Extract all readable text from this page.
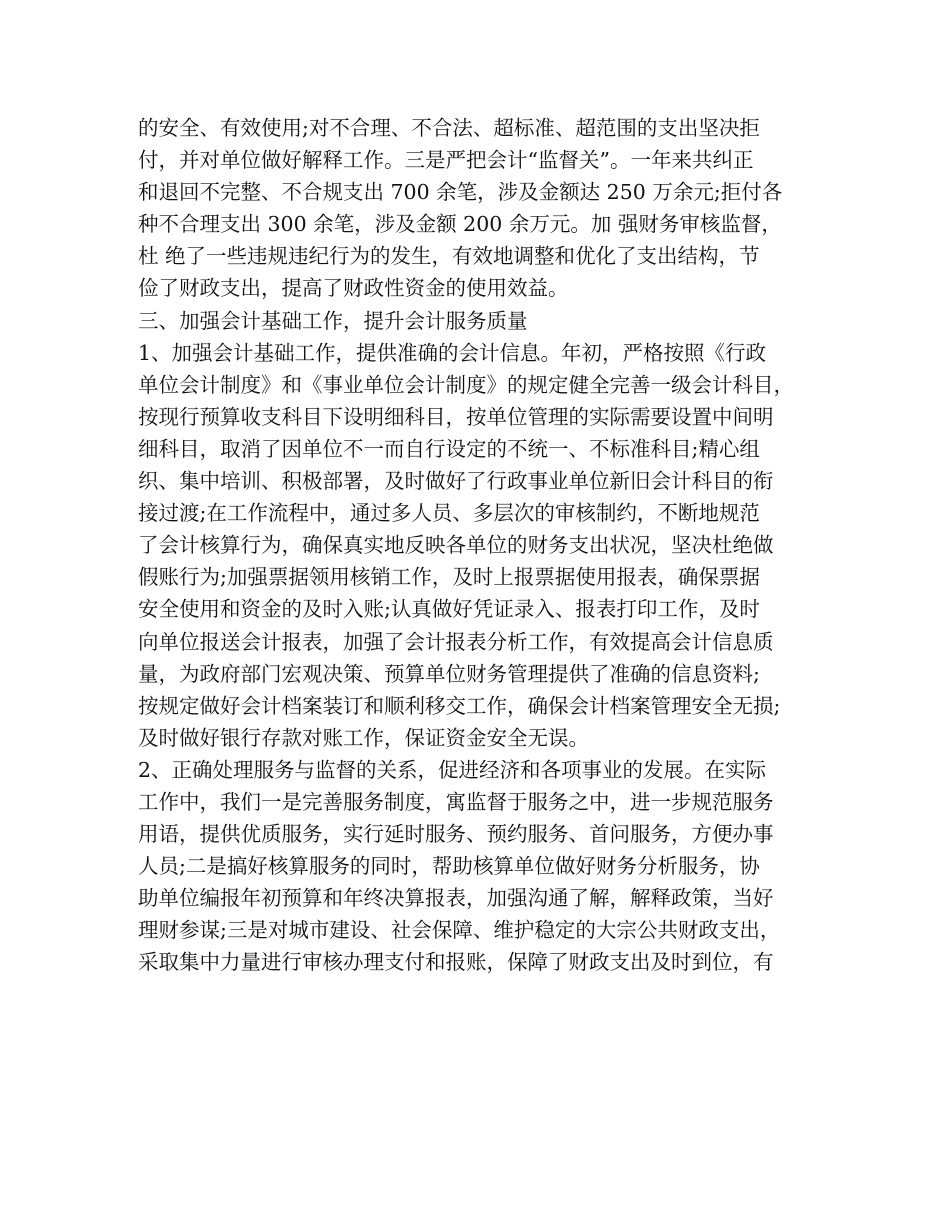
的安全、有效使用;对不合理、不合法、超标准、超范围的支出坚决拒
付，并对单位做好解释工作。三是严把会计“监督关”。一年来共纠正
和退回不完整、不合规支出 700 余笔，涉及金额达 250 万余元;拒付各
种不合理支出 300 余笔，涉及金额 200 余万元。加 强财务审核监督，
杜 绝了一些违规违纪行为的发生，有效地调整和优化了支出结构，节
俭了财政支出，提高了财政性资金的使用效益。
三、加强会计基础工作，提升会计服务质量
1、加强会计基础工作，提供准确的会计信息。年初，严格按照《行政
单位会计制度》和《事业单位会计制度》的规定健全完善一级会计科目，
按现行预算收支科目下设明细科目，按单位管理的实际需要设置中间明
细科目，取消了因单位不一而自行设定的不统一、不标准科目;精心组
织、集中培训、积极部署，及时做好了行政事业单位新旧会计科目的衔
接过渡;在工作流程中，通过多人员、多层次的审核制约，不断地规范
了会计核算行为，确保真实地反映各单位的财务支出状况，坚决杜绝做
假账行为;加强票据领用核销工作，及时上报票据使用报表，确保票据
安全使用和资金的及时入账;认真做好凭证录入、报表打印工作，及时
向单位报送会计报表，加强了会计报表分析工作，有效提高会计信息质
量，为政府部门宏观决策、预算单位财务管理提供了准确的信息资料;
按规定做好会计档案装订和顺利移交工作，确保会计档案管理安全无损;
及时做好银行存款对账工作，保证资金安全无误。
2、正确处理服务与监督的关系，促进经济和各项事业的发展。在实际
工作中，我们一是完善服务制度，寓监督于服务之中，进一步规范服务
用语，提供优质服务，实行延时服务、预约服务、首问服务，方便办事
人员;二是搞好核算服务的同时，帮助核算单位做好财务分析服务，协
助单位编报年初预算和年终决算报表，加强沟通了解，解释政策，当好
理财参谋;三是对城市建设、社会保障、维护稳定的大宗公共财政支出，
采取集中力量进行审核办理支付和报账，保障了财政支出及时到位，有
